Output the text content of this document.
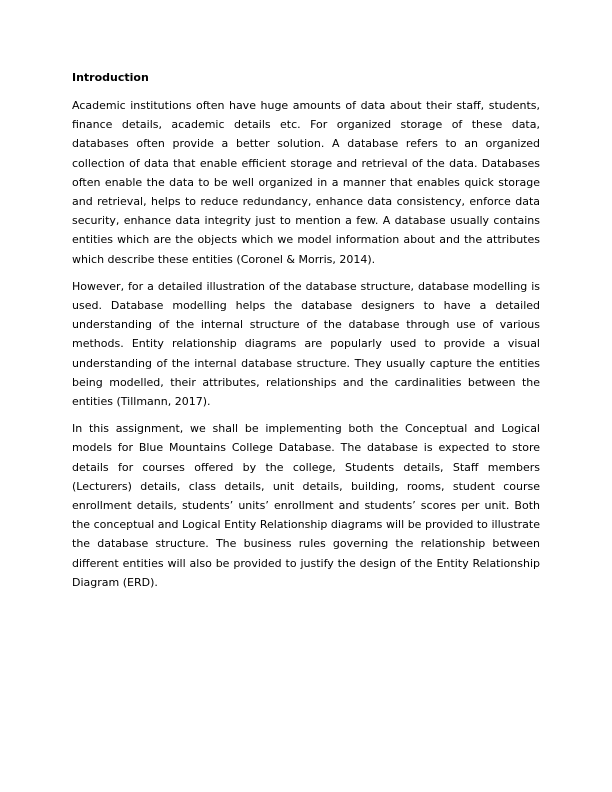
Introduction

Academic institutions often have huge amounts of data about their staff, students, finance details, academic details etc. For organized storage of these data, databases often provide a better solution. A database refers to an organized collection of data that enable efficient storage and retrieval of the data. Databases often enable the data to be well organized in a manner that enables quick storage and retrieval, helps to reduce redundancy, enhance data consistency, enforce data security, enhance data integrity just to mention a few. A database usually contains entities which are the objects which we model information about and the attributes which describe these entities (Coronel & Morris, 2014).

However, for a detailed illustration of the database structure, database modelling is used. Database modelling helps the database designers to have a detailed understanding of the internal structure of the database through use of various methods. Entity relationship diagrams are popularly used to provide a visual understanding of the internal database structure. They usually capture the entities being modelled, their attributes, relationships and the cardinalities between the entities (Tillmann, 2017).

In this assignment, we shall be implementing both the Conceptual and Logical models for Blue Mountains College Database. The database is expected to store details for courses offered by the college, Students details, Staff members (Lecturers) details, class details, unit details, building, rooms, student course enrollment details, students’ units’ enrollment and students’ scores per unit. Both the conceptual and Logical Entity Relationship diagrams will be provided to illustrate the database structure. The business rules governing the relationship between different entities will also be provided to justify the design of the Entity Relationship Diagram (ERD).
